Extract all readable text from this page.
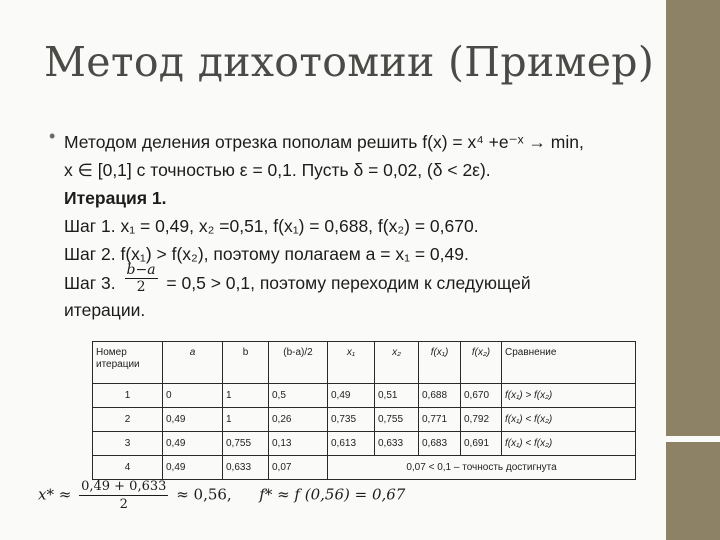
Метод дихотомии (Пример)
• Методом деления отрезка пополам решить f(x) = x⁴ +e⁻ˣ → min,
x ∈ [0,1] с точностью ε = 0,1. Пусть δ = 0,02, (δ < 2ε).
Итерация 1.
Шаг 1. x₁ = 0,49, x₂ =0,51, f(x₁) = 0,688, f(x₂) = 0,670.
Шаг 2. f(x₁) > f(x₂), поэтому полагаем a = x₁ = 0,49.
Шаг 3. $\frac{b-a}{2} = 0,5 > 0,1$, поэтому переходим к следующей
итерации.
Номер итерации	a	b	(b-a)/2	x₁	x₂	f(x₁)	f(x₂)	Сравнение
1	0	1	0,5	0,49	0,51	0,688	0,670	f(x₁) > f(x₂)
2	0,49	1	0,26	0,735	0,755	0,771	0,792	f(x₁) < f(x₂)
3	0,49	0,755	0,13	0,613	0,633	0,683	0,691	f(x₁) < f(x₂)
4	0,49	0,633	0,07	0,07 < 0,1 – точность достигнута				
$x* \approx \frac{0,49 + 0,633}{2} \approx 0,56$, f* ≈ f (0,56) = 0,67
